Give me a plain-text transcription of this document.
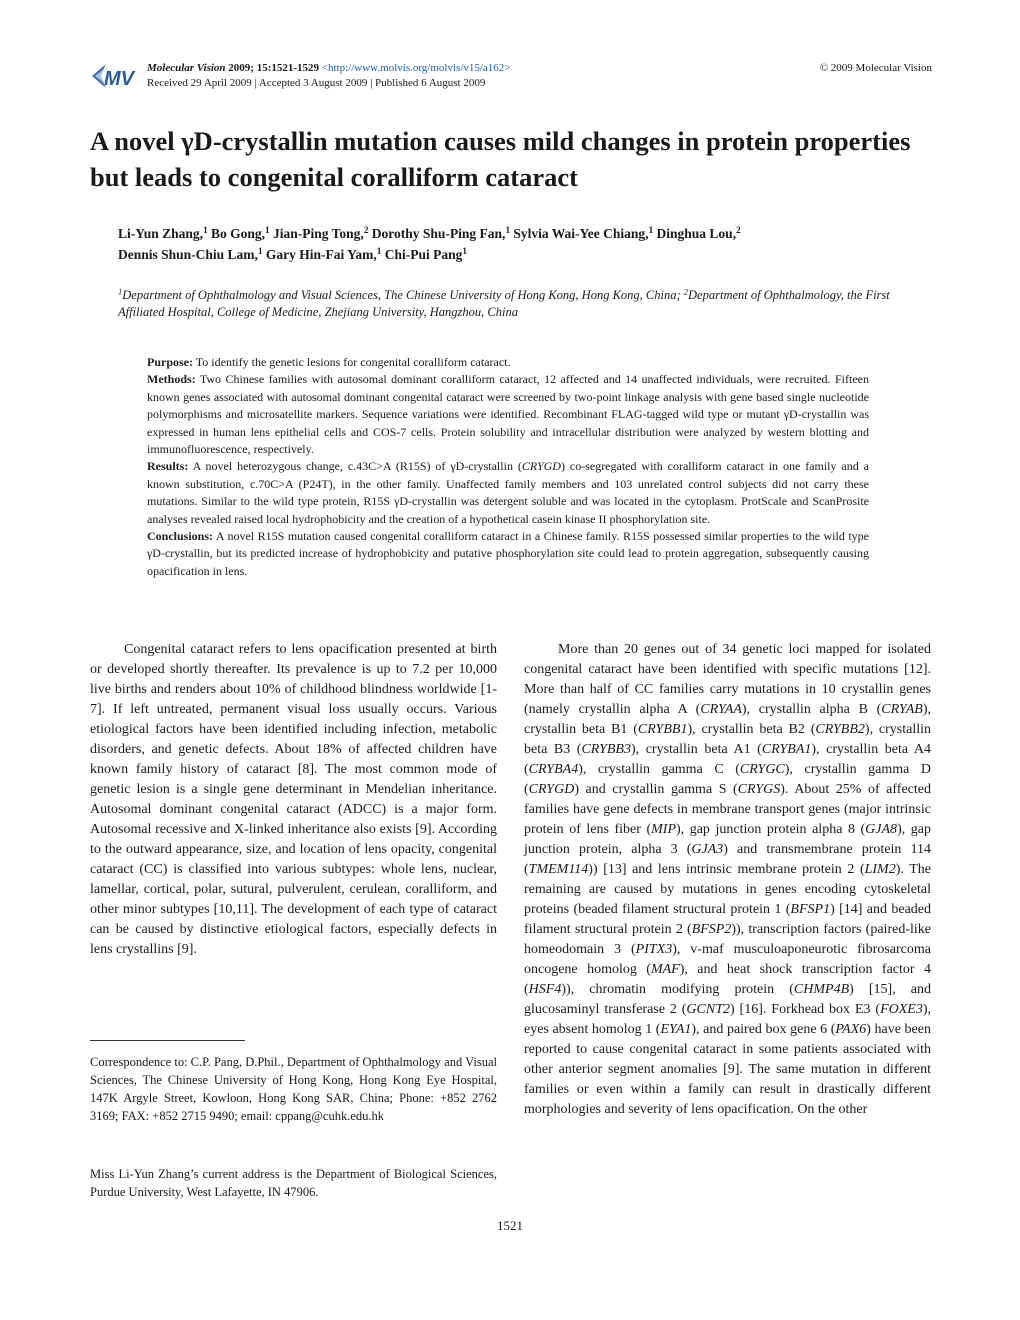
MV Molecular Vision 2009; 15:1521-1529 <http://www.molvis.org/molvis/v15/a162>	© 2009 Molecular Vision
Received 29 April 2009 | Accepted 3 August 2009 | Published 6 August 2009
A novel γD-crystallin mutation causes mild changes in protein properties but leads to congenital coralliform cataract
Li-Yun Zhang,$^1$ Bo Gong,$^1$ Jian-Ping Tong,$^2$ Dorothy Shu-Ping Fan,$^1$ Sylvia Wai-Yee Chiang,$^1$ Dinghua Lou,$^2$
Dennis Shun-Chiu Lam,$^1$ Gary Hin-Fai Yam,$^1$ Chi-Pui Pang$^1$
$^1$Department of Ophthalmology and Visual Sciences, The Chinese University of Hong Kong, Hong Kong, China; $^2$Department of Ophthalmology, the First Affiliated Hospital, College of Medicine, Zhejiang University, Hangzhou, China

Purpose: To identify the genetic lesions for congenital coralliform cataract.

Methods: Two Chinese families with autosomal dominant coralliform cataract, 12 affected and 14 unaffected individuals, were recruited. Fifteen known genes associated with autosomal dominant congenital cataract were screened by two-point linkage analysis with gene based single nucleotide polymorphisms and microsatellite markers. Sequence variations were identified. Recombinant FLAG-tagged wild type or mutant γD-crystallin was expressed in human lens epithelial cells and COS-7 cells. Protein solubility and intracellular distribution were analyzed by western blotting and immunofluorescence, respectively.

Results: A novel heterozygous change, c.43C>A (R15S) of γD-crystallin (CRYGD) co-segregated with coralliform cataract in one family and a known substitution, c.70C>A (P24T), in the other family. Unaffected family members and 103 unrelated control subjects did not carry these mutations. Similar to the wild type protein, R15S γD-crystallin was detergent soluble and was located in the cytoplasm. ProtScale and ScanProsite analyses revealed raised local hydrophobicity and the creation of a hypothetical casein kinase II phosphorylation site.

Conclusions: A novel R15S mutation caused congenital coralliform cataract in a Chinese family. R15S possessed similar properties to the wild type γD-crystallin, but its predicted increase of hydrophobicity and putative phosphorylation site could lead to protein aggregation, subsequently causing opacification in lens.

Congenital cataract refers to lens opacification presented at birth or developed shortly thereafter. Its prevalence is up to 7.2 per 10,000 live births and renders about 10% of childhood blindness worldwide [1-7]. If left untreated, permanent visual loss usually occurs. Various etiological factors have been identified including infection, metabolic disorders, and genetic defects. About 18% of affected children have known family history of cataract [8]. The most common mode of genetic lesion is a single gene determinant in Mendelian inheritance. Autosomal dominant congenital cataract (ADCC) is a major form. Autosomal recessive and X-linked inheritance also exists [9]. According to the outward appearance, size, and location of lens opacity, congenital cataract (CC) is classified into various subtypes: whole lens, nuclear, lamellar, cortical, polar, sutural, pulverulent, cerulean, coralliform, and other minor subtypes [10,11]. The development of each type of cataract can be caused by distinctive etiological factors, especially defects in lens crystallins [9].

More than 20 genes out of 34 genetic loci mapped for isolated congenital cataract have been identified with specific mutations [12]. More than half of CC families carry mutations in 10 crystallin genes (namely crystallin alpha A (CRYAA), crystallin alpha B (CRYAB), crystallin beta B1 (CRYBB1), crystallin beta B2 (CRYBB2), crystallin beta B3 (CRYBB3), crystallin beta A1 (CRYBA1), crystallin beta A4 (CRYBA4), crystallin gamma C (CRYGC), crystallin gamma D (CRYGD) and crystallin gamma S (CRYGS). About 25% of affected families have gene defects in membrane transport genes (major intrinsic protein of lens fiber (MIP), gap junction protein alpha 8 (GJA8), gap junction protein, alpha 3 (GJA3) and transmembrane protein 114 (TMEM114)) [13] and lens intrinsic membrane protein 2 (LIM2). The remaining are caused by mutations in genes encoding cytoskeletal proteins (beaded filament structural protein 1 (BFSP1) [14] and beaded filament structural protein 2 (BFSP2)), transcription factors (paired-like homeodomain 3 (PITX3), v-maf musculoaponeurotic fibrosarcoma oncogene homolog (MAF), and heat shock transcription factor 4 (HSF4)), chromatin modifying protein (CHMP4B) [15], and glucosaminyl transferase 2 (GCNT2) [16]. Forkhead box E3 (FOXE3), eyes absent homolog 1 (EYA1), and paired box gene 6 (PAX6) have been reported to cause congenital cataract in some patients associated with other anterior segment anomalies [9]. The same mutation in different families or even within a family can result in drastically different morphologies and severity of lens opacification. On the other

Correspondence to: C.P. Pang, D.Phil., Department of Ophthalmology and Visual Sciences, The Chinese University of Hong Kong, Hong Kong Eye Hospital, 147K Argyle Street, Kowloon, Hong Kong SAR, China; Phone: +852 2762 3169; FAX: +852 2715 9490; email: cppang@cuhk.edu.hk
Miss Li-Yun Zhang’s current address is the Department of Biological Sciences, Purdue University, West Lafayette, IN 47906.
1521
